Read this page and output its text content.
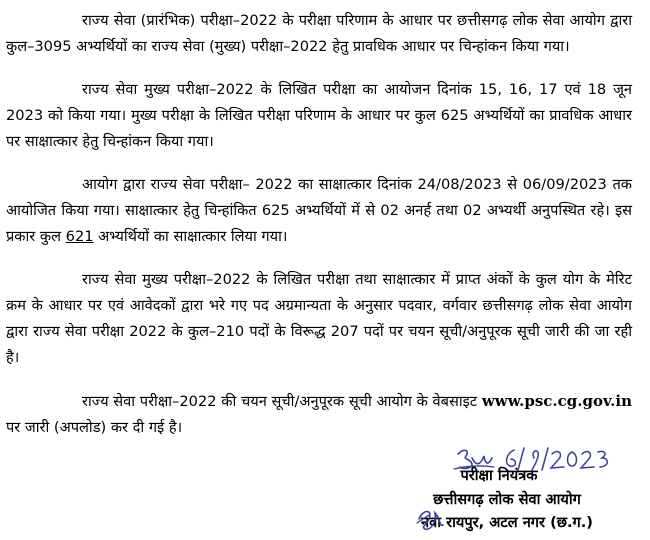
राज्य सेवा (प्रारंभिक) परीक्षा–2022 के परीक्षा परिणाम के आधार पर छत्तीसगढ़ लोक सेवा आयोग द्वारा कुल–3095 अभ्यर्थियों का राज्य सेवा (मुख्य) परीक्षा–2022 हेतु प्रावधिक आधार पर चिन्हांकन किया गया।

राज्य सेवा मुख्य परीक्षा–2022 के लिखित परीक्षा का आयोजन दिनांक 15, 16, 17 एवं 18 जून 2023 को किया गया। मुख्य परीक्षा के लिखित परीक्षा परिणाम के आधार पर कुल 625 अभ्यर्थियों का प्रावधिक आधार पर साक्षात्कार हेतु चिन्हांकन किया गया।

आयोग द्वारा राज्य सेवा परीक्षा– 2022 का साक्षात्कार दिनांक 24/08/2023 से 06/09/2023 तक आयोजित किया गया। साक्षात्कार हेतु चिन्हांकित 625 अभ्यर्थियों में से 02 अनर्ह तथा 02 अभ्यर्थी अनुपस्थित रहे। इस प्रकार कुल 621 अभ्यर्थियों का साक्षात्कार लिया गया।

राज्य सेवा मुख्य परीक्षा–2022 के लिखित परीक्षा तथा साक्षात्कार में प्राप्त अंकों के कुल योग के मेरिट क्रम के आधार पर एवं आवेदकों द्वारा भरे गए पद अग्रमान्यता के अनुसार पदवार, वर्गवार छत्तीसगढ़ लोक सेवा आयोग द्वारा राज्य सेवा परीक्षा 2022 के कुल–210 पदों के विरूद्ध 207 पदों पर चयन सूची/अनुपूरक सूची जारी की जा रही है।

राज्य सेवा परीक्षा–2022 की चयन सूची/अनुपूरक सूची आयोग के वेबसाइट www.psc.cg.gov.in पर जारी (अपलोड) कर दी गई है।

परीक्षा नियंत्रक
छत्तीसगढ़ लोक सेवा आयोग
नवा रायपुर, अटल नगर (छ.ग.)
